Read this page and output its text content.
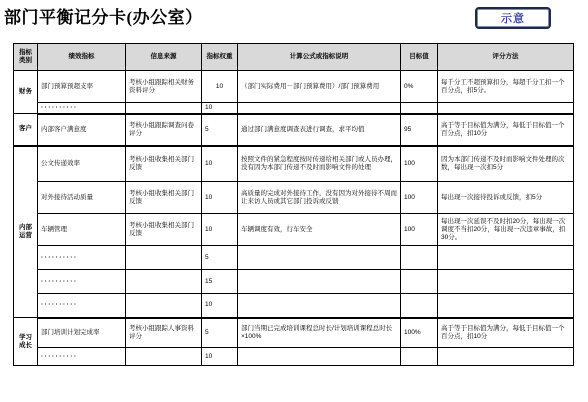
部门平衡记分卡(办公室）	示意
指标类别	绩效指标	信息来源	指标权重	计算公式或指标说明	目标值	评分方法
财务	部门预算预超支率	考核小组跟踪相关财务资料评分	10	（部门实际费用－部门预算费用）/部门预算费用	0%	每千分工不超预算扣分，每超千分工扣一个百分点，扣5分。
	··········		10			
客户	内部客户满意度	考核小组跟踪调查问卷评分	5	通过部门满意度调查表进行调查，求平均值	95	高于等于目标值为满分，每低于目标值一个百分点，扣10分
内部运营	公文传递效率	考核小组收集相关部门反馈	10	按照文件的紧急程度按时传递给相关部门或人员办理，没有因为本部门传递不及时而影响文件的处理	100	因为本部门传递不及时而影响文件处理的次数，每出现一次扣5分
	对外接待活动质量	考核小组收集相关部门反馈	10	高质量的完成对外接待工作，没有因为对外接待不周而让来访人员或其它部门投诉或反馈	100	每出现一次接待投诉或反馈，扣5分
	车辆管理	考核小组收集相关部门反馈	10	车辆调度有效，行车安全	100	每出现一次延误不及时扣20分，每出现一次调度不当扣20分，每出现一次违章事故，扣30分。
	··········		5			
	··········		15			
	··········		10			
学习成长	部门培训计划完成率	考核小组跟踪人事资料评分	5	部门当期已完成培训课程总时长/计划培训课程总时长×100%	100%	高于等于目标值为满分，每低于目标值一个百分点，扣10分
	··········		10			
